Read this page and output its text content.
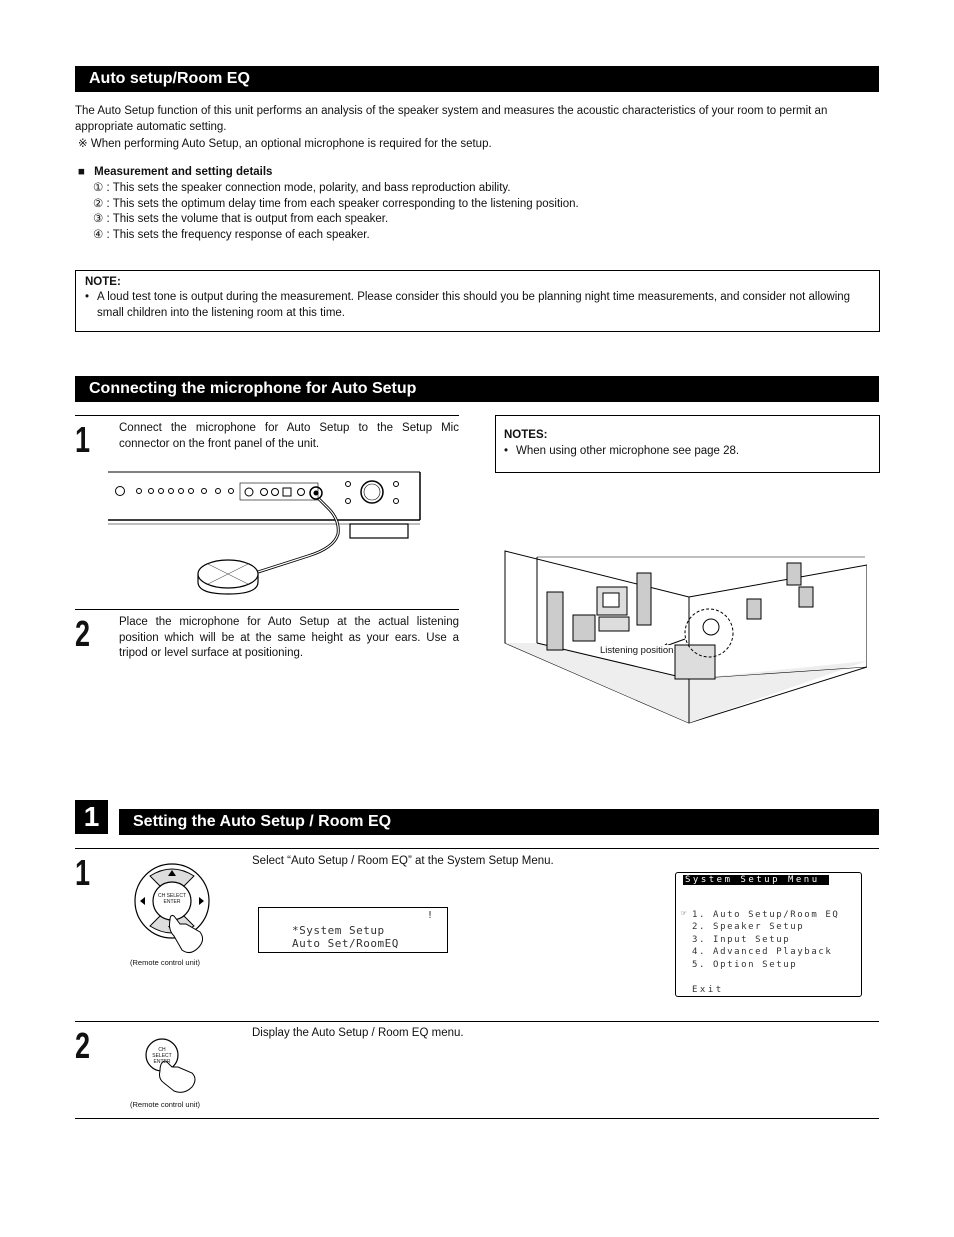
Auto setup/Room EQ
The Auto Setup function of this unit performs an analysis of the speaker system and measures the acoustic characteristics of your room to permit an appropriate automatic setting.
※ When performing Auto Setup, an optional microphone is required for the setup.
■ Measurement and setting details
① : This sets the speaker connection mode, polarity, and bass reproduction ability.
② : This sets the optimum delay time from each speaker corresponding to the listening position.
③ : This sets the volume that is output from each speaker.
④ : This sets the frequency response of each speaker.
NOTE:
• A loud test tone is output during the measurement. Please consider this should you be planning night time measurements, and consider not allowing small children into the listening room at this time.
Connecting the microphone for Auto Setup
1	Connect the microphone for Auto Setup to the Setup Mic connector on the front panel of the unit.
2	Place the microphone for Auto Setup at the actual listening position which will be at the same height as your ears. Use a tripod or level surface at positioning.
NOTES:
• When using other microphone see page 28.
Listening position
1	Setting the Auto Setup / Room EQ
1	Select “Auto Setup / Room EQ” at the System Setup Menu.
CH SELECT ENTER
(Remote control unit)
!
*System Setup
Auto Set/RoomEQ
System Setup Menu
☞ 1. Auto Setup/Room EQ
2. Speaker Setup
3. Input Setup
4. Advanced Playback
5. Option Setup
Exit
2	Display the Auto Setup / Room EQ menu.
CH SELECT ENTER
(Remote control unit)
